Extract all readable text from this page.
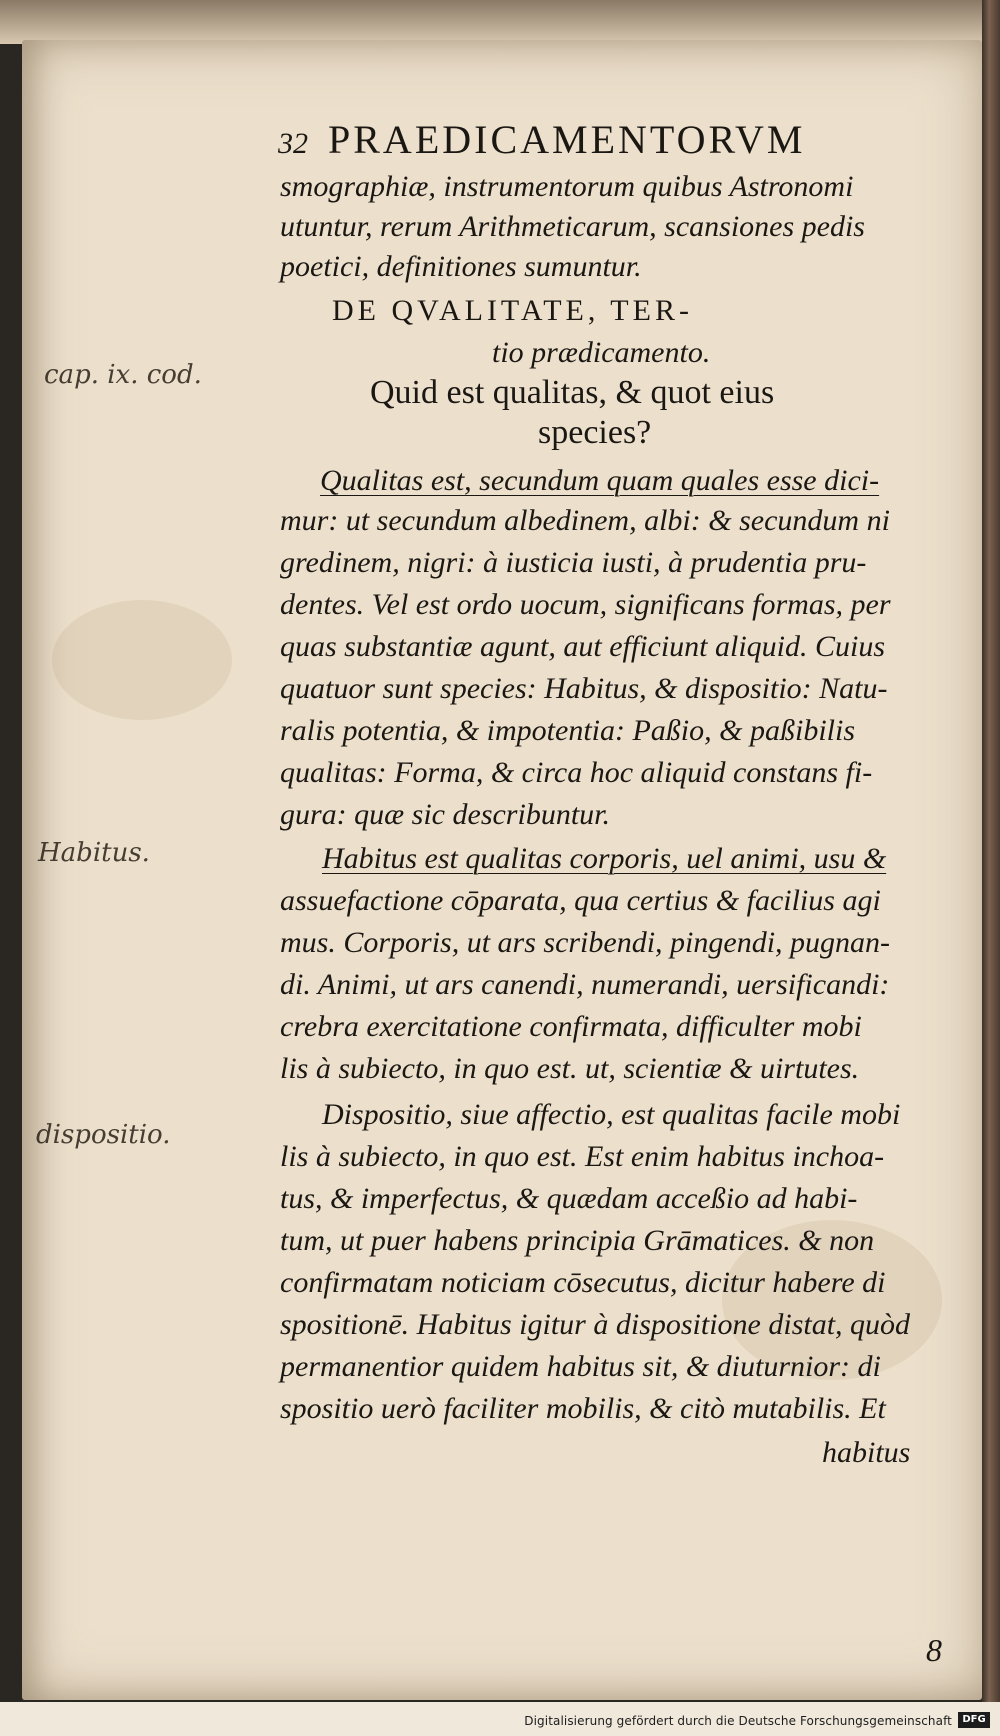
32 PRAEDICAMENTORVM
smographiæ, instrumentorum quibus Astronomi
utuntur, rerum Arithmeticarum, scansiones pedis
poetici, definitiones sumuntur.
DE QVALITATE, TER-
tio prædicamento.
Quid est qualitas, & quot eius
species?
Qualitas est, secundum quam quales esse dici-
mur: ut secundum albedinem, albi: & secundum ni
gredinem, nigri: à iusticia iusti, à prudentia pru-
dentes. Vel est ordo uocum, significans formas, per
quas substantiæ agunt, aut efficiunt aliquid. Cuius
quatuor sunt species: Habitus, & dispositio: Natu-
ralis potentia, & impotentia: Paßio, & paßibilis
qualitas: Forma, & circa hoc aliquid constans fi-
gura: quæ sic describuntur.
Habitus est qualitas corporis, uel animi, usu &
assuefactione cōparata, qua certius & facilius agi
mus. Corporis, ut ars scribendi, pingendi, pugnan-
di. Animi, ut ars canendi, numerandi, uersificandi:
crebra exercitatione confirmata, difficulter mobi
lis à subiecto, in quo est. ut, scientiæ & uirtutes.
Dispositio, siue affectio, est qualitas facile mobi
lis à subiecto, in quo est. Est enim habitus inchoa-
tus, & imperfectus, & quædam acceßio ad habi-
tum, ut puer habens principia Grāmatices. & non
confirmatam noticiam cōsecutus, dicitur habere di
spositionē. Habitus igitur à dispositione distat, quòd
permanentior quidem habitus sit, & diuturnior: di
spositio uerò faciliter mobilis, & citò mutabilis. Et
habitus
cap. ix. cod.
Habitus.
dispositio.
8
Digitalisierung gefördert durch die Deutsche Forschungsgemeinschaft	DFG
